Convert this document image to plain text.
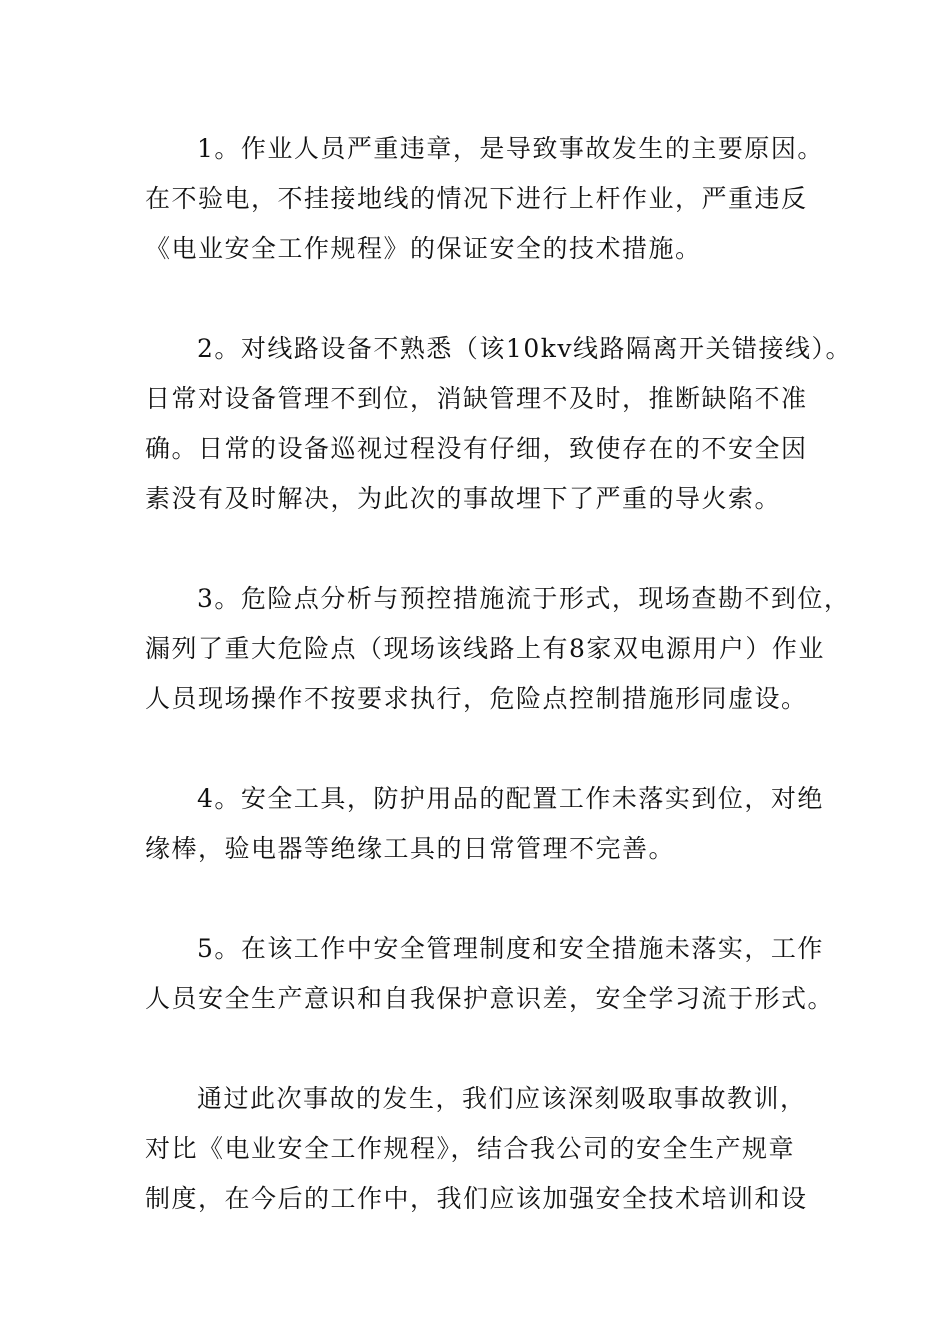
1。作业人员严重违章，是导致事故发生的主要原因。
在不验电，不挂接地线的情况下进行上杆作业，严重违反
《电业安全工作规程》的保证安全的技术措施。
2。对线路设备不熟悉（该10kv线路隔离开关错接线）。
日常对设备管理不到位，消缺管理不及时，推断缺陷不准
确。日常的设备巡视过程没有仔细，致使存在的不安全因
素没有及时解决，为此次的事故埋下了严重的导火索。
3。危险点分析与预控措施流于形式，现场查勘不到位，
漏列了重大危险点（现场该线路上有8家双电源用户）作业
人员现场操作不按要求执行，危险点控制措施形同虚设。
4。安全工具，防护用品的配置工作未落实到位，对绝
缘棒，验电器等绝缘工具的日常管理不完善。
5。在该工作中安全管理制度和安全措施未落实，工作
人员安全生产意识和自我保护意识差，安全学习流于形式。
通过此次事故的发生，我们应该深刻吸取事故教训，
对比《电业安全工作规程》，结合我公司的安全生产规章
制度，在今后的工作中，我们应该加强安全技术培训和设
